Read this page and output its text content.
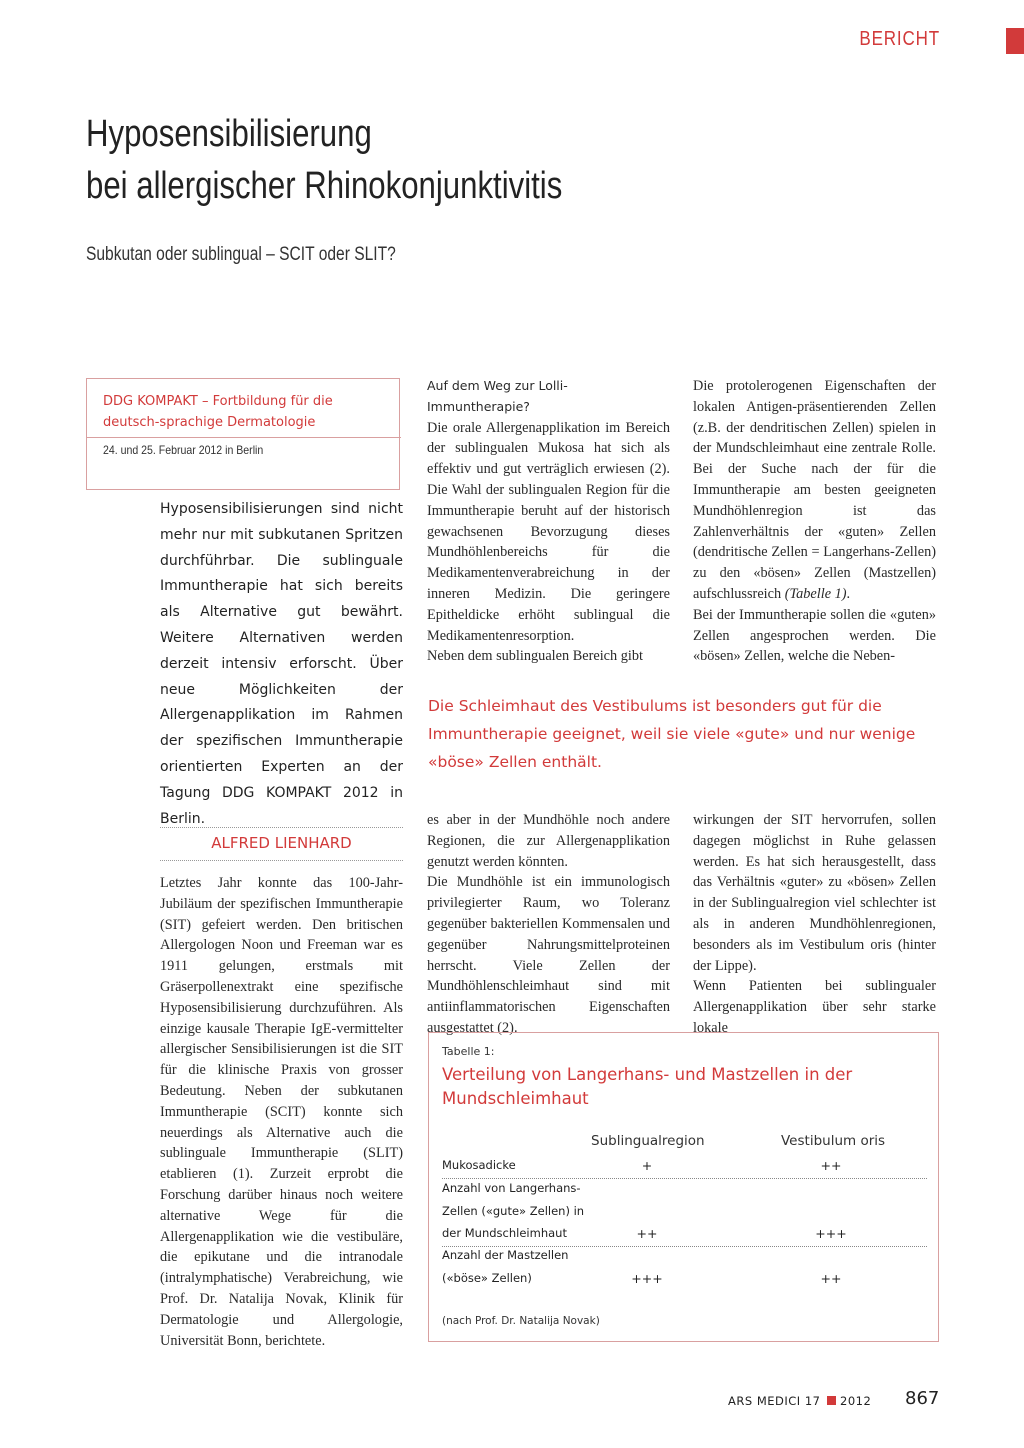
BERICHT
Hyposensibilisierung
bei allergischer Rhinokonjunktivitis
Subkutan oder sublingual – SCIT oder SLIT?
DDG KOMPAKT – Fortbildung für die deutsch-sprachige Dermatologie
24. und 25. Februar 2012 in Berlin
Hyposensibilisierungen sind nicht mehr nur mit subkutanen Spritzen durchführbar. Die sublinguale Immuntherapie hat sich bereits als Alternative gut bewährt. Weitere Alternativen werden derzeit intensiv erforscht. Über neue Möglichkeiten der Allergenapplikation im Rahmen der spezifischen Immuntherapie orientierten Experten an der Tagung DDG KOMPAKT 2012 in Berlin.
ALFRED LIENHARD

Letztes Jahr konnte das 100-Jahr-Jubiläum der spezifischen Immuntherapie (SIT) gefeiert werden. Den britischen Allergologen Noon und Freeman war es 1911 gelungen, erstmals mit Gräserpollenextrakt eine spezifische Hyposensibilisierung durchzuführen. Als einzige kausale Therapie IgE-vermittelter allergischer Sensibilisierungen ist die SIT für die klinische Praxis von grosser Bedeutung. Neben der subkutanen Immuntherapie (SCIT) konnte sich neuerdings als Alternative auch die sublinguale Immuntherapie (SLIT) etablieren (1). Zurzeit erprobt die Forschung darüber hinaus noch weitere alternative Wege für die Allergenapplikation wie die vestibuläre, die epikutane und die intranodale (intralymphatische) Verabreichung, wie Prof. Dr. Natalija Novak, Klinik für Dermatologie und Allergologie, Universität Bonn, berichtete.

Auf dem Weg zur Lolli-Immuntherapie?

Die orale Allergenapplikation im Bereich der sublingualen Mukosa hat sich als effektiv und gut verträglich erwiesen (2). Die Wahl der sublingualen Region für die Immuntherapie beruht auf der historisch gewachsenen Bevorzugung dieses Mundhöhlenbereichs für die Medikamentenverabreichung in der inneren Medizin. Die geringere Epitheldicke erhöht sublingual die Medikamentenresorption.

Neben dem sublingualen Bereich gibt

Die protolerogenen Eigenschaften der lokalen Antigen-präsentierenden Zellen (z.B. der dendritischen Zellen) spielen in der Mundschleimhaut eine zentrale Rolle. Bei der Suche nach der für die Immuntherapie am besten geeigneten Mundhöhlenregion ist das Zahlenverhältnis der «guten» Zellen (dendritische Zellen = Langerhans-Zellen) zu den «bösen» Zellen (Mastzellen) aufschlussreich (Tabelle 1).

Bei der Immuntherapie sollen die «guten» Zellen angesprochen werden. Die «bösen» Zellen, welche die Neben-

Die Schleimhaut des Vestibulums ist besonders gut für die Immuntherapie geeignet, weil sie viele «gute» und nur wenige «böse» Zellen enthält.

es aber in der Mundhöhle noch andere Regionen, die zur Allergenapplikation genutzt werden könnten.

Die Mundhöhle ist ein immunologisch privilegierter Raum, wo Toleranz gegenüber bakteriellen Kommensalen und gegenüber Nahrungsmittelproteinen herrscht. Viele Zellen der Mundhöhlenschleimhaut sind mit antiinflammatorischen Eigenschaften ausgestattet (2).

wirkungen der SIT hervorrufen, sollen dagegen möglichst in Ruhe gelassen werden. Es hat sich herausgestellt, dass das Verhältnis «guter» zu «bösen» Zellen in der Sublingualregion viel schlechter ist als in anderen Mundhöhlenregionen, besonders als im Vestibulum oris (hinter der Lippe).

Wenn Patienten bei sublingualer Allergenapplikation über sehr starke lokale

Tabelle 1:
Verteilung von Langerhans- und Mastzellen in der Mundschleimhaut
Sublingualregion	Vestibulum oris
Mukosadicke	+	++
Anzahl von Langerhans-
Zellen («gute» Zellen) in
der Mundschleimhaut	++	+++
Anzahl der Mastzellen
(«böse» Zellen)	+++	++
(nach Prof. Dr. Natalija Novak)
ARS MEDICI 17 2012 867
